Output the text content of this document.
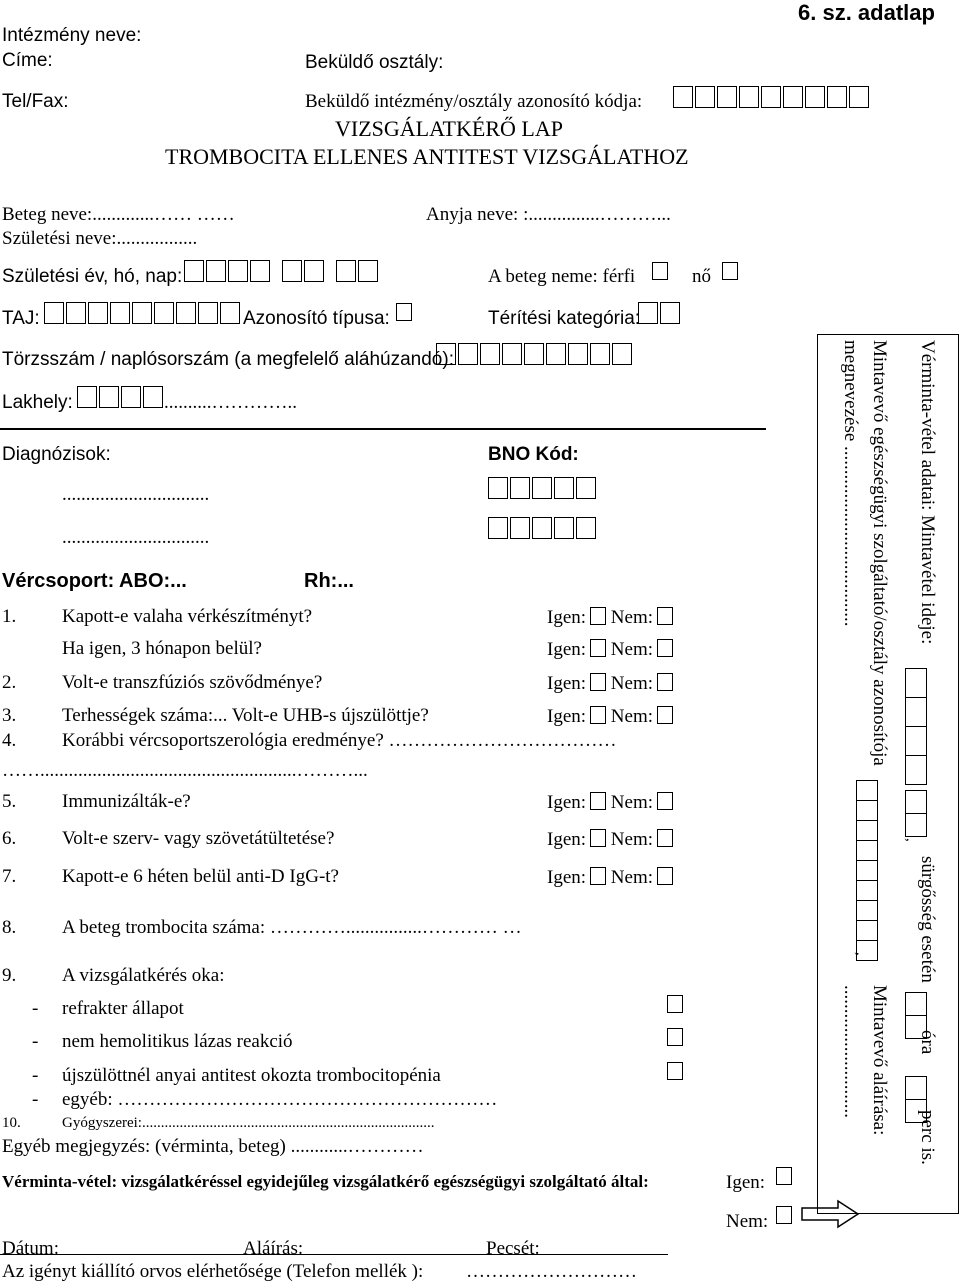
Intézmény neve:
Címe:	Beküldő osztály:
6. sz. adatlap
Tel/Fax:	Beküldő intézmény/osztály azonosító kódja:
VIZSGÁLATKÉRŐ LAP
TROMBOCITA ELLENES ANTITEST VIZSGÁLATHOZ
Beteg neve:.............…… ……	Anyja neve: :...............………...
Születési neve:.................
Születési év, hó, nap:	A beteg neme: férfi	nő
TAJ:	Azonosító típusa:	Térítési kategória:
Törzsszám / naplósorszám (a megfelelő aláhúzandó):
Lakhely:	..........…………..
Diagnózisok:
...............................
...............................
BNO Kód:
Vércsoport: ABO:...	Rh:...
1. Kapott-e valaha vérkészítményt?	Igen: Nem:
Ha igen, 3 hónapon belül?	Igen: Nem:
2. Volt-e transzfúziós szövődménye?	Igen: Nem:
3. Terhességek száma:... Volt-e UHB-s újszülöttje?	Igen: Nem:
4. Korábbi vércsoportszerológia eredménye? ………………………………
……......................................................………...
5. Immunizálták-e?	Igen: Nem:
6. Volt-e szerv- vagy szövetátültetése?	Igen: Nem:
7. Kapott-e 6 héten belül anti-D IgG-t?	Igen: Nem:
8. A beteg trombocita száma: …………................………… …
9. A vizsgálatkérés oka:
- refrakter állapot
- nem hemolitikus lázas reakció
- újszülöttnél anyai antitest okozta trombocitopénia
- egyéb: ……………………………………………………
10.	Gyógyszerei:..............................................................................
Egyéb megjegyzés: (vérminta, beteg) ............…………
Vérminta-vétel: vizsgálatkéréssel egyidejűleg vizsgálatkérő egészségügyi szolgáltató által:	Igen:
Nem:
Dátum:	Aláírás:	Pecsét:
Az igényt kiállító orvos elérhetősége (Telefon mellék ): ………………………
Vérminta-vétel adatai: Mintavétel ideje:
sürgősség esetén
óra
perc is.
,
Mintavevő egészségügyi szolgáltató/osztály azonosítója
,
Mintavevő aláírása:
megnevezése ......................................
............................
